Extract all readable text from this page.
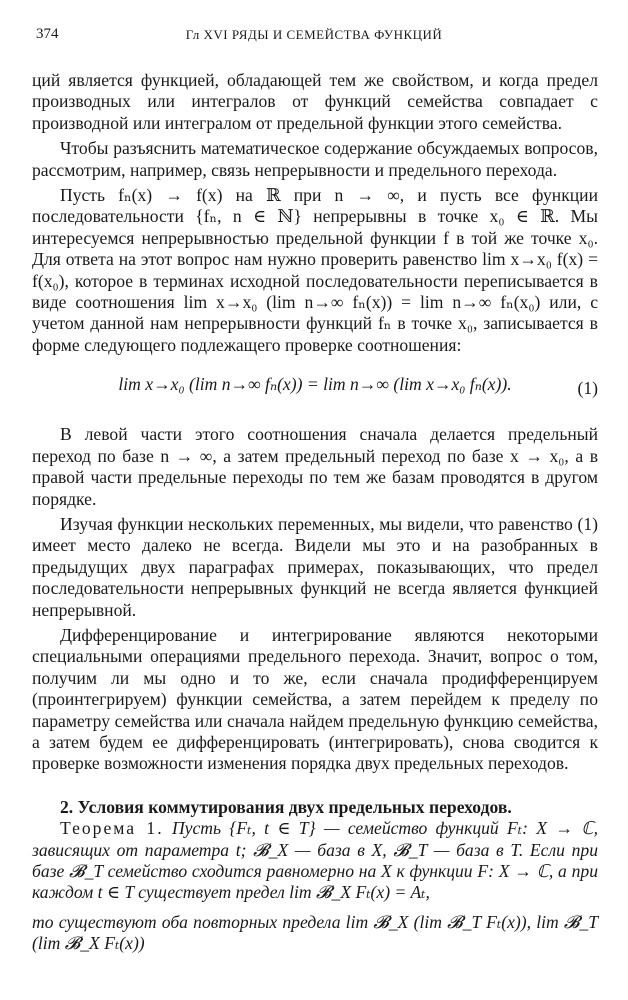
374	Гл XVI РЯДЫ И СЕМЕЙСТВА ФУНКЦИЙ

ций является функцией, обладающей тем же свойством, и когда предел производных или интегралов от функций семейства совпадает с производной или интегралом от предельной функции этого семейства.

Чтобы разъяснить математическое содержание обсуждаемых вопросов, рассмотрим, например, связь непрерывности и предельного перехода.

Пусть fₙ(x) → f(x) на ℝ при n → ∞, и пусть все функции последовательности {fₙ, n ∈ ℕ} непрерывны в точке x₀ ∈ ℝ. Мы интересуемся непрерывностью предельной функции f в той же точке x₀. Для ответа на этот вопрос нам нужно проверить равенство lim x→x₀ f(x) = f(x₀), которое в терминах исходной последовательности переписывается в виде соотношения lim x→x₀ (lim n→∞ fₙ(x)) = lim n→∞ fₙ(x₀) или, с учетом данной нам непрерывности функций fₙ в точке x₀, записывается в форме следующего подлежащего проверке соотношения:

lim x→x₀ (lim n→∞ fₙ(x)) = lim n→∞ (lim x→x₀ fₙ(x)).	(1)

В левой части этого соотношения сначала делается предельный переход по базе n → ∞, а затем предельный переход по базе x → x₀, а в правой части предельные переходы по тем же базам проводятся в другом порядке.

Изучая функции нескольких переменных, мы видели, что равенство (1) имеет место далеко не всегда. Видели мы это и на разобранных в предыдущих двух параграфах примерах, показывающих, что предел последовательности непрерывных функций не всегда является функцией непрерывной.

Дифференцирование и интегрирование являются некоторыми специальными операциями предельного перехода. Значит, вопрос о том, получим ли мы одно и то же, если сначала продифференцируем (проинтегрируем) функции семейства, а затем перейдем к пределу по параметру семейства или сначала найдем предельную функцию семейства, а затем будем ее дифференцировать (интегрировать), снова сводится к проверке возможности изменения порядка двух предельных переходов.

2. Условия коммутирования двух предельных переходов.

Теорема 1. Пусть {Fₜ, t ∈ T} — семейство функций Fₜ: X → ℂ, зависящих от параметра t; 𝓑_X — база в X, 𝓑_T — база в T. Если при базе 𝓑_T семейство сходится равномерно на X к функции F: X → ℂ, а при каждом t ∈ T существует предел lim 𝓑_X Fₜ(x) = Aₜ,

то существуют оба повторных предела lim 𝓑_X (lim 𝓑_T Fₜ(x)), lim 𝓑_T (lim 𝓑_X Fₜ(x))
